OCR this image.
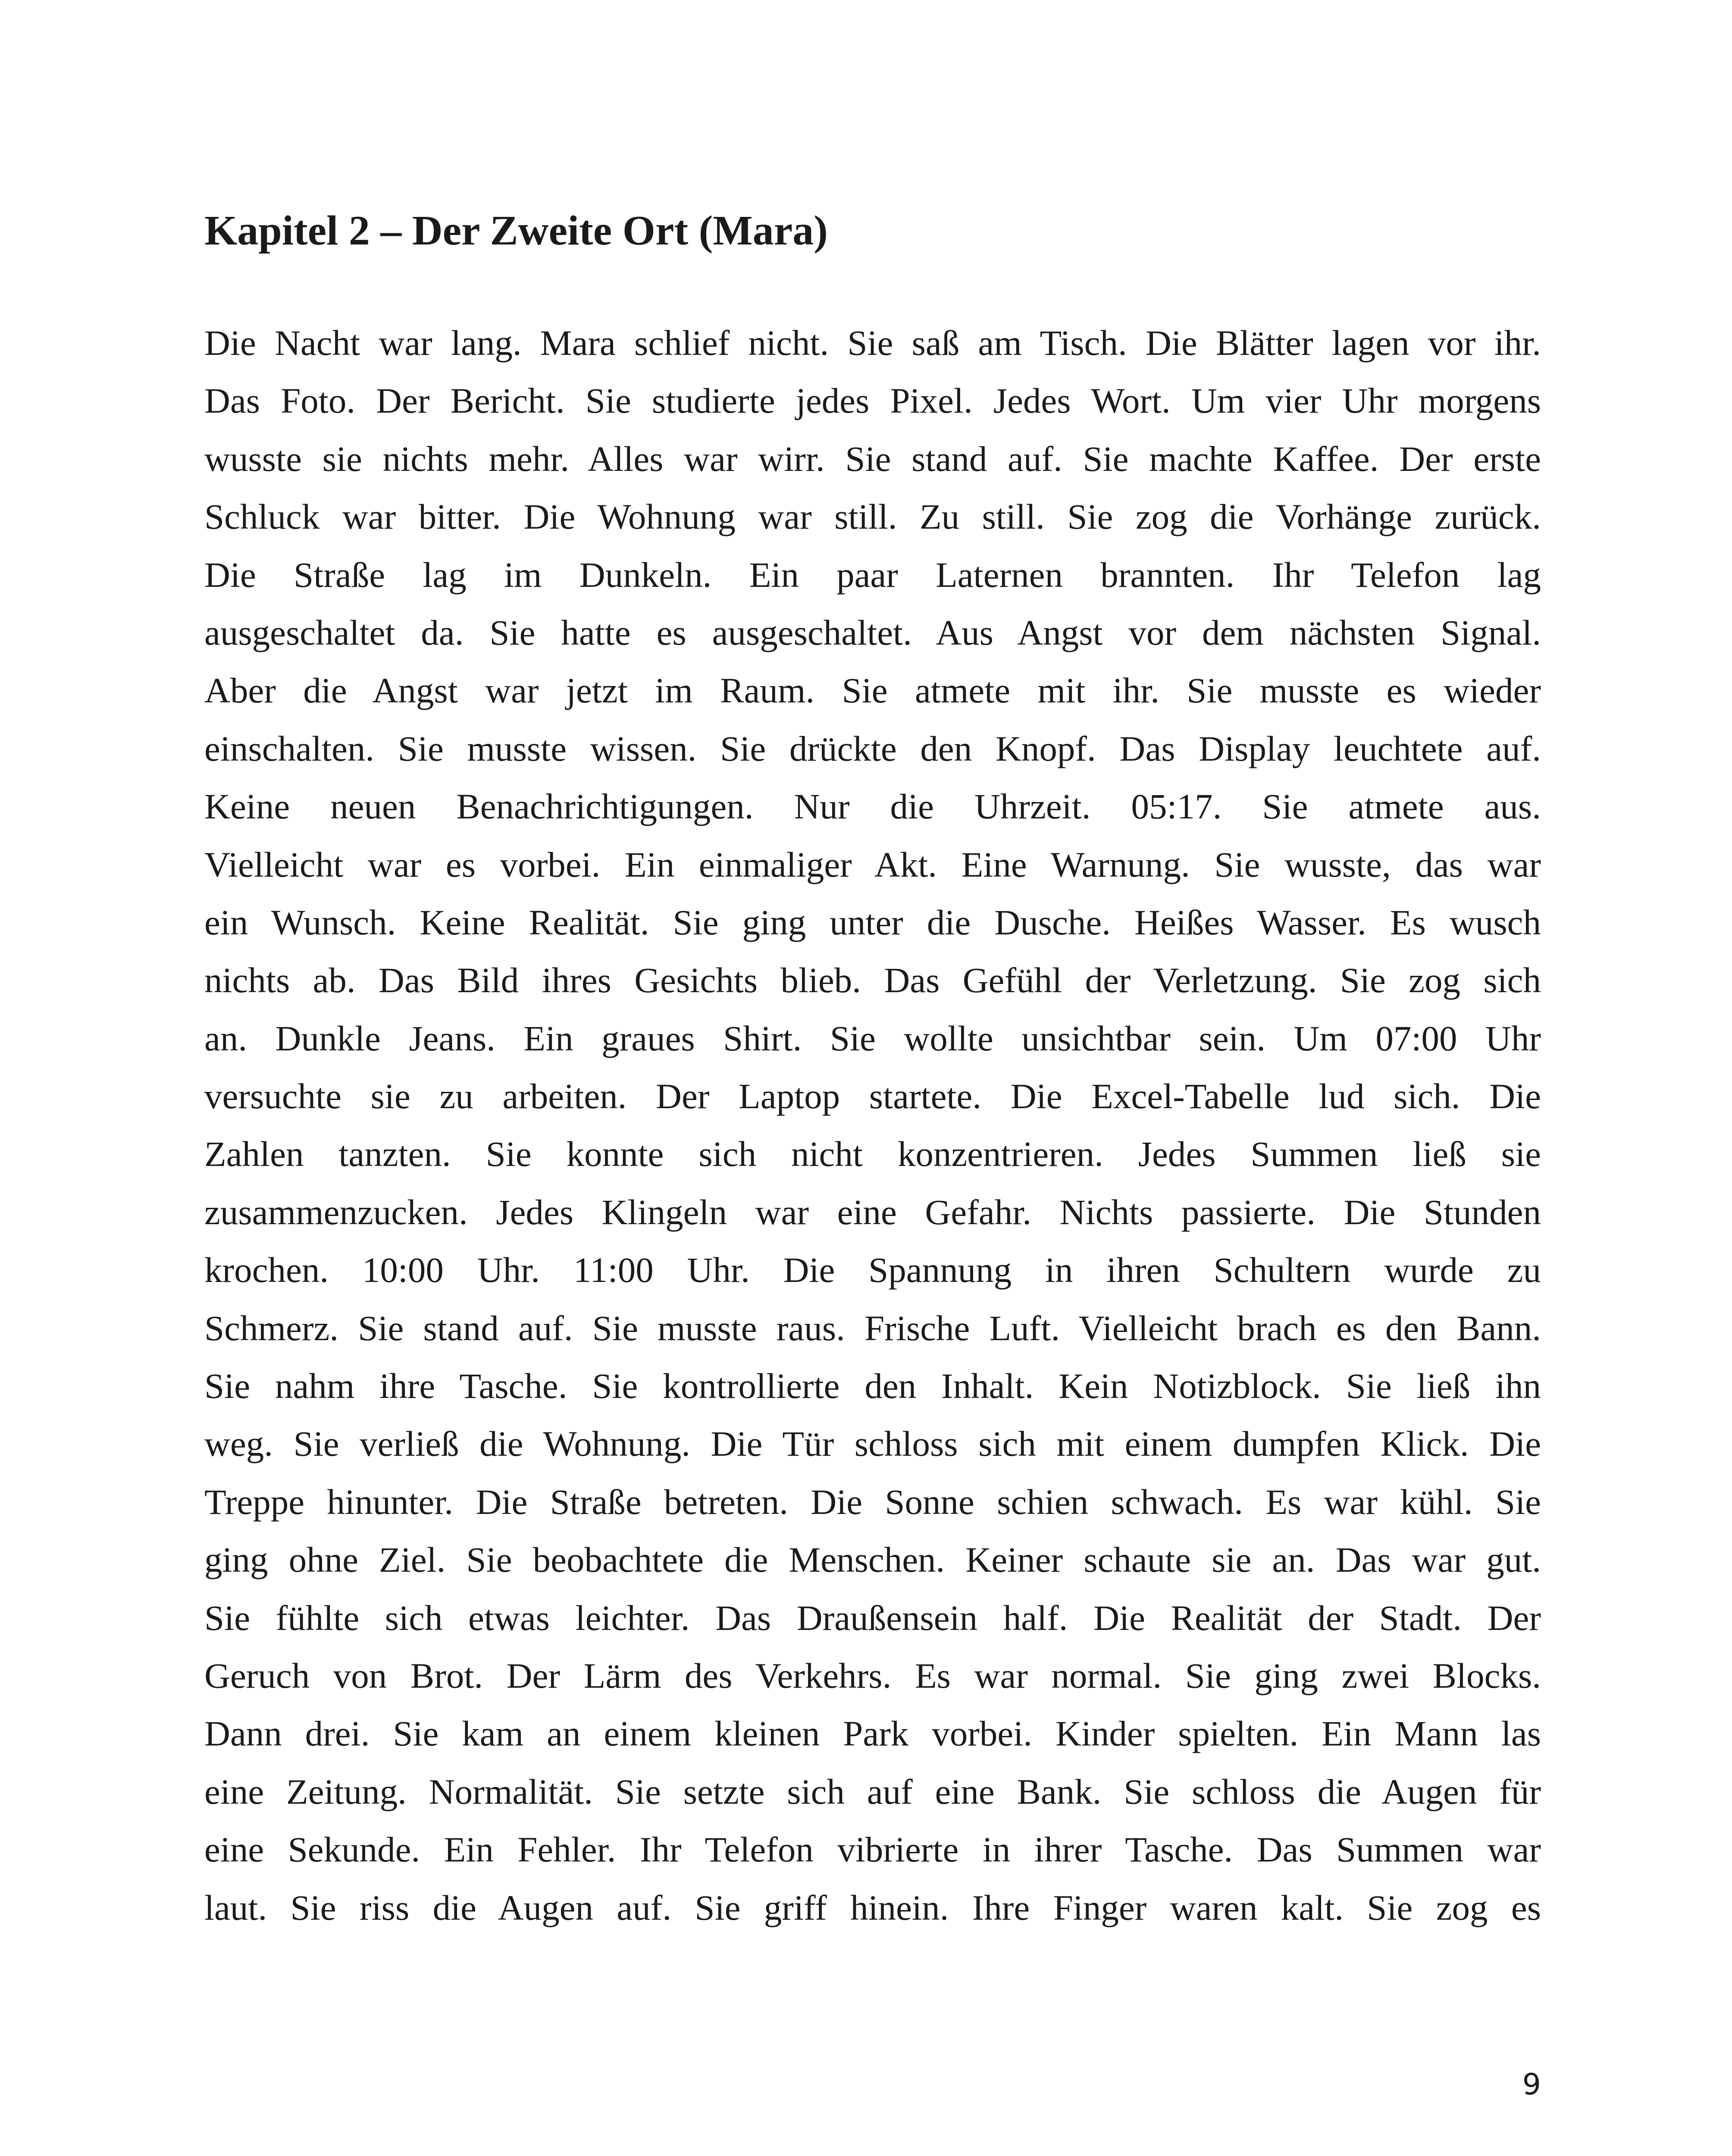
Kapitel 2 – Der Zweite Ort (Mara)
Die Nacht war lang. Mara schlief nicht. Sie saß am Tisch. Die Blätter lagen vor ihr.
Das Foto. Der Bericht. Sie studierte jedes Pixel. Jedes Wort. Um vier Uhr morgens
wusste sie nichts mehr. Alles war wirr. Sie stand auf. Sie machte Kaffee. Der erste
Schluck war bitter. Die Wohnung war still. Zu still. Sie zog die Vorhänge zurück.
Die Straße lag im Dunkeln. Ein paar Laternen brannten. Ihr Telefon lag
ausgeschaltet da. Sie hatte es ausgeschaltet. Aus Angst vor dem nächsten Signal.
Aber die Angst war jetzt im Raum. Sie atmete mit ihr. Sie musste es wieder
einschalten. Sie musste wissen. Sie drückte den Knopf. Das Display leuchtete auf.
Keine neuen Benachrichtigungen. Nur die Uhrzeit. 05:17. Sie atmete aus.
Vielleicht war es vorbei. Ein einmaliger Akt. Eine Warnung. Sie wusste, das war
ein Wunsch. Keine Realität. Sie ging unter die Dusche. Heißes Wasser. Es wusch
nichts ab. Das Bild ihres Gesichts blieb. Das Gefühl der Verletzung. Sie zog sich
an. Dunkle Jeans. Ein graues Shirt. Sie wollte unsichtbar sein. Um 07:00 Uhr
versuchte sie zu arbeiten. Der Laptop startete. Die Excel-Tabelle lud sich. Die
Zahlen tanzten. Sie konnte sich nicht konzentrieren. Jedes Summen ließ sie
zusammenzucken. Jedes Klingeln war eine Gefahr. Nichts passierte. Die Stunden
krochen. 10:00 Uhr. 11:00 Uhr. Die Spannung in ihren Schultern wurde zu
Schmerz. Sie stand auf. Sie musste raus. Frische Luft. Vielleicht brach es den Bann.
Sie nahm ihre Tasche. Sie kontrollierte den Inhalt. Kein Notizblock. Sie ließ ihn
weg. Sie verließ die Wohnung. Die Tür schloss sich mit einem dumpfen Klick. Die
Treppe hinunter. Die Straße betreten. Die Sonne schien schwach. Es war kühl. Sie
ging ohne Ziel. Sie beobachtete die Menschen. Keiner schaute sie an. Das war gut.
Sie fühlte sich etwas leichter. Das Draußensein half. Die Realität der Stadt. Der
Geruch von Brot. Der Lärm des Verkehrs. Es war normal. Sie ging zwei Blocks.
Dann drei. Sie kam an einem kleinen Park vorbei. Kinder spielten. Ein Mann las
eine Zeitung. Normalität. Sie setzte sich auf eine Bank. Sie schloss die Augen für
eine Sekunde. Ein Fehler. Ihr Telefon vibrierte in ihrer Tasche. Das Summen war
laut. Sie riss die Augen auf. Sie griff hinein. Ihre Finger waren kalt. Sie zog es
9
